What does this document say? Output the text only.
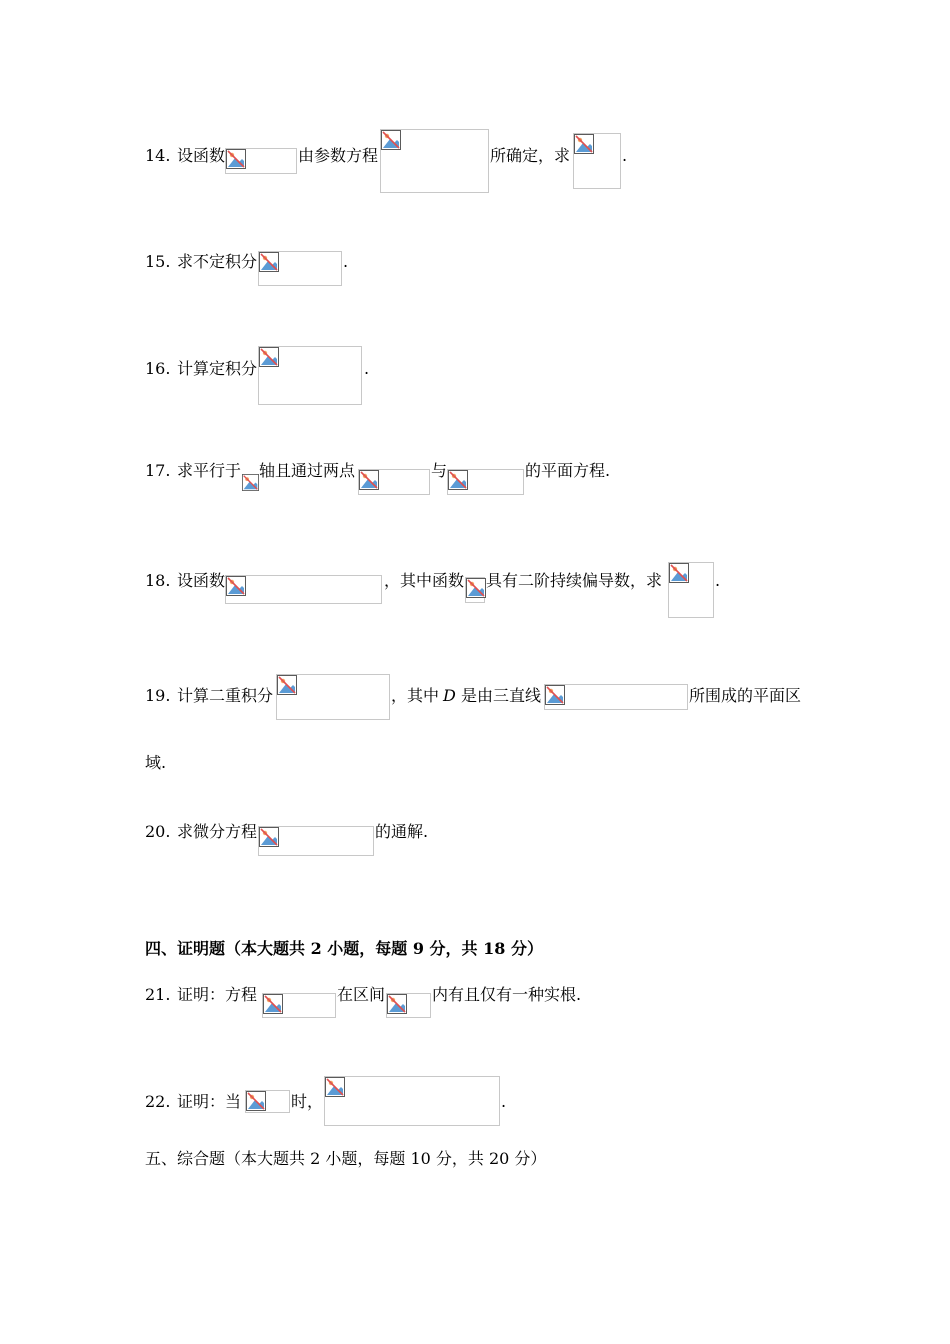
14. 设函数	由参数方程	所确定，求	.
15. 求不定积分	.
16. 计算定积分	.
17. 求平行于 轴且通过两点	与	的平面方程.
18. 设函数	，其中函数 具有二阶持续偏导数，求	.
19. 计算二重积分	，其中 D 是由三直线	所围成的平面区
域.
20. 求微分方程	的通解.
四、证明题（本大题共 2 小题，每题 9 分，共 18 分）
21. 证明：方程	在区间	内有且仅有一种实根.
22. 证明：当	时，	.
五、综合题（本大题共 2 小题，每题 10 分，共 20 分）
